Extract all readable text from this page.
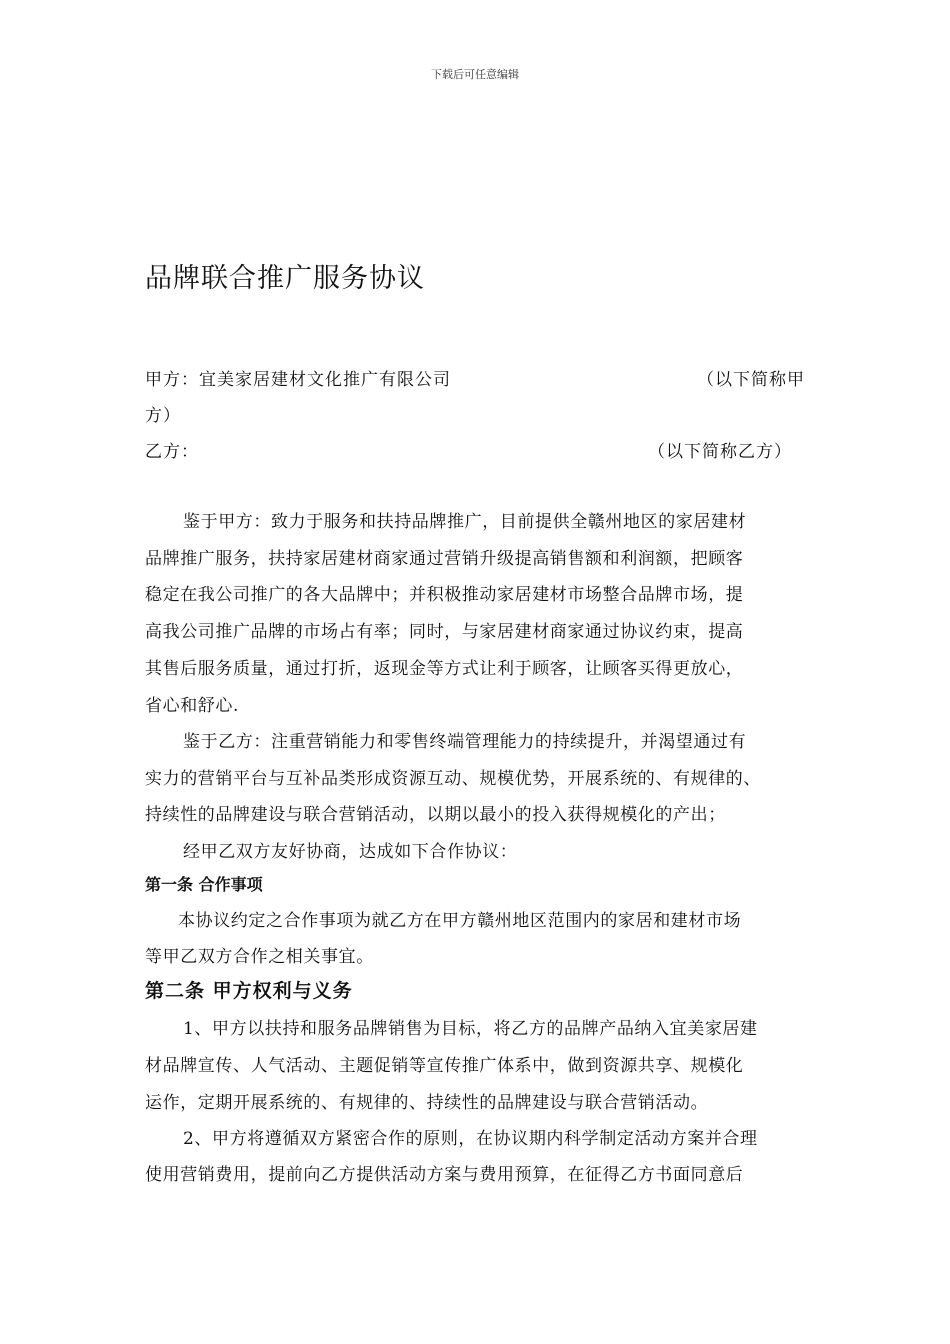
下载后可任意编辑
品牌联合推广服务协议
甲方：宜美家居建材文化推广有限公司	（以下简称甲
方）
乙方：	（以下简称乙方）
鉴于甲方：致力于服务和扶持品牌推广，目前提供全赣州地区的家居建材
品牌推广服务，扶持家居建材商家通过营销升级提高销售额和利润额，把顾客
稳定在我公司推广的各大品牌中；并积极推动家居建材市场整合品牌市场，提
高我公司推广品牌的市场占有率；同时，与家居建材商家通过协议约束，提高
其售后服务质量，通过打折，返现金等方式让利于顾客，让顾客买得更放心，
省心和舒心.
鉴于乙方：注重营销能力和零售终端管理能力的持续提升，并渴望通过有
实力的营销平台与互补品类形成资源互动、规模优势，开展系统的、有规律的、
持续性的品牌建设与联合营销活动，以期以最小的投入获得规模化的产出；
经甲乙双方友好协商，达成如下合作协议：
第一条 合作事项
本协议约定之合作事项为就乙方在甲方赣州地区范围内的家居和建材市场
等甲乙双方合作之相关事宜。
第二条 甲方权利与义务
1、甲方以扶持和服务品牌销售为目标，将乙方的品牌产品纳入宜美家居建
材品牌宣传、人气活动、主题促销等宣传推广体系中，做到资源共享、规模化
运作，定期开展系统的、有规律的、持续性的品牌建设与联合营销活动。
2、甲方将遵循双方紧密合作的原则，在协议期内科学制定活动方案并合理
使用营销费用，提前向乙方提供活动方案与费用预算，在征得乙方书面同意后
